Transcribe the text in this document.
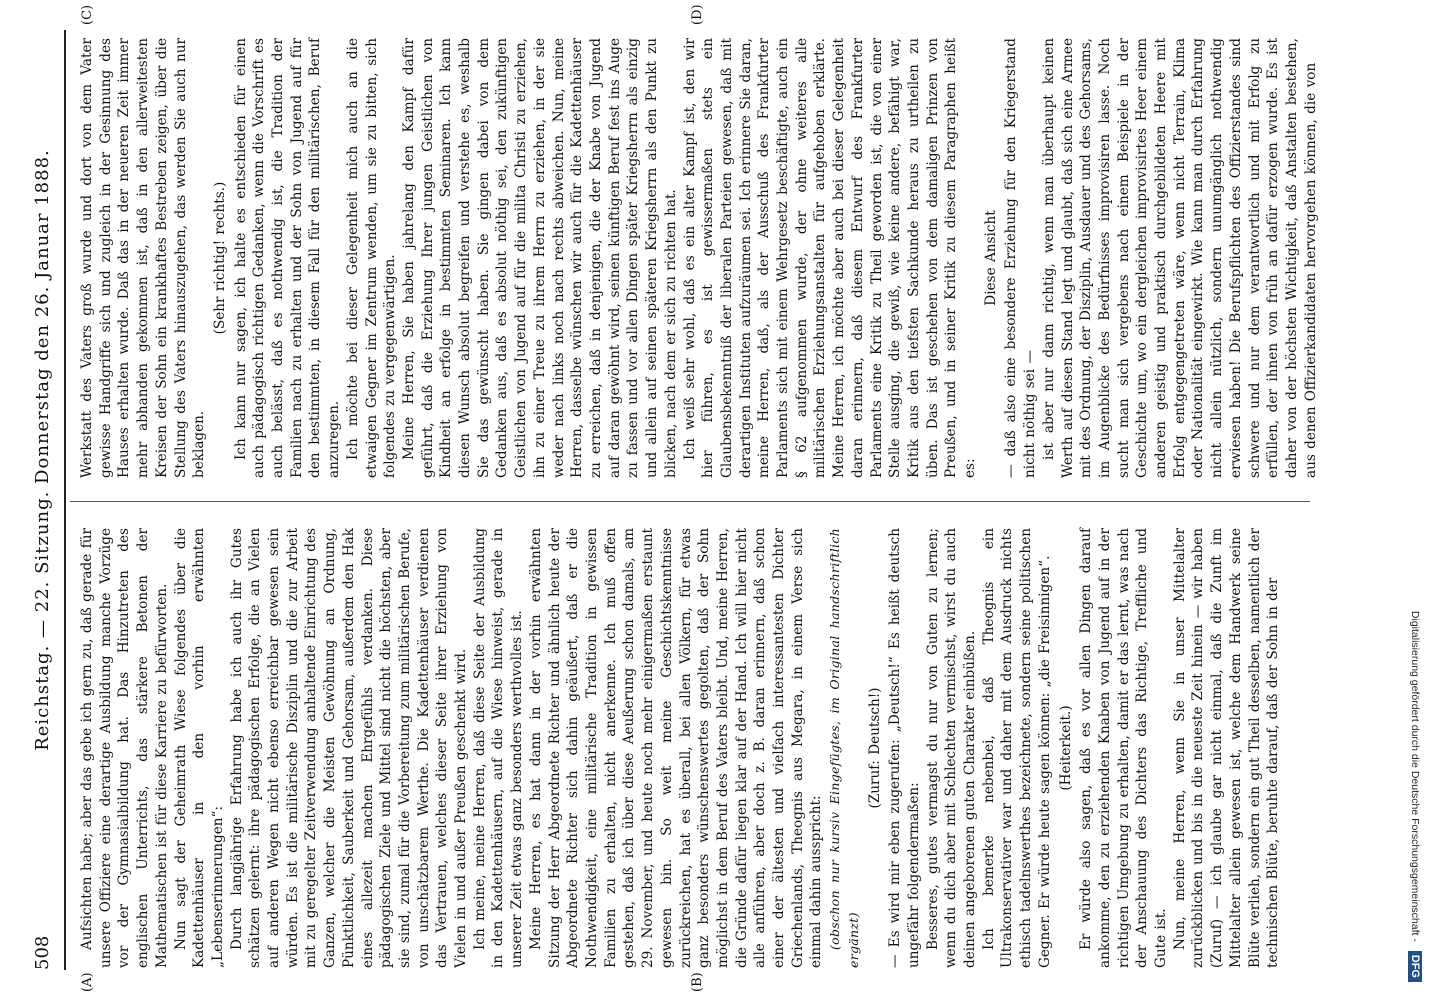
508
Reichstag. — 22. Sitzung. Donnerstag den 26. Januar 1888.
(A)	(B)
(C)	(D)

Aufsichten habe; aber das gebe ich gern zu, daß gerade für unsere Offiziere eine derartige Ausbildung manche Vorzüge vor der Gymnasialbildung hat. Das Hinzutreten des englischen Unterrichts, das stärkere Betonen der Mathematischen ist für diese Karriere zu befürworten. Nun sagt der Geheimrath Wiese folgendes über die Kadettenhäuser in den vorhin erwähnten „Lebenserinnerungen“: Durch langjährige Erfahrung habe ich auch ihr Gutes schätzen gelernt: ihre pädagogischen Erfolge, die an Vielen auf anderen Wegen nicht ebenso erreichbar gewesen sein würden. Es ist die militärische Disziplin und die zur Arbeit mit zu geregelter Zeitverwendung anhaltende Einrichtung des Ganzen, welcher die Meisten Gewöhnung an Ordnung, Pünktlichkeit, Sauberkeit und Gehorsam, außerdem den Hak eines allezeit machen Ehrgefühls verdanken. Diese pädagogischen Ziele und Mittel sind nicht die höchsten, aber sie sind, zumal für die Vorbereitung zum militärischen Berufe, von unschätzbarem Werthe. Die Kadettenhäuser verdienen das Vertrauen, welches dieser Seite ihrer Erziehung von Vielen in und außer Preußen geschenkt wird. Ich meine, meine Herren, daß diese Seite der Ausbildung in den Kadettenhäusern, auf die Wiese hinweist, gerade in unserer Zeit etwas ganz besonders werthvolles ist. Meine Herren, es hat dann in der vorhin erwähnten Sitzung der Herr Abgeordnete Richter und ähnlich heute der Abgeordnete Richter sich dahin geäußert, daß er die Nothwendigkeit, eine militärische Tradition in gewissen Familien zu erhalten, nicht anerkenne. Ich muß offen gestehen, daß ich über diese Aeußerung schon damals, am 29. November, und heute noch mehr einigermaßen erstaunt gewesen bin. So weit meine Geschichtskenntnisse zurückreichen, hat es überall, bei allen Völkern, für etwas ganz besonders wünschenswertes gegolten, daß der Sohn möglichst in dem Beruf des Vaters bleibt. Und, meine Herren, die Gründe dafür liegen klar auf der Hand. Ich will hier nicht alle anführen, aber doch z. B. daran erinnern, daß schon einer der ältesten und vielfach interessantesten Dichter Griechenlands, Theognis aus Megara, in einem Verse sich einmal dahin ausspricht: (obschon nur kursiv Eingefügtes, im Original handschriftlich ergänzt)

(Zuruf: Deutsch!) — Es wird mir eben zugerufen: „Deutsch!“ Es heißt deutsch ungefähr folgendermaßen: Besseres, gutes vermagst du nur von Guten zu lernen; wenn du dich aber mit Schlechten vermischst, wirst du auch deinen angeborenen guten Charakter einbüßen. Ich bemerke nebenbei, daß Theognis ein Ultrakonservativer war und daher mit dem Ausdruck nichts ethisch tadelnswerthes bezeichnete, sondern seine politischen Gegner. Er würde heute sagen können: „die Freisinnigen“. (Heiterkeit.) Er würde also sagen, daß es vor allen Dingen darauf ankomme, den zu erziehenden Knaben von Jugend auf in der richtigen Umgebung zu erhalten, damit er das lernt, was nach der Anschauung des Dichters das Richtige, Treffliche und Gute ist. Nun, meine Herren, wenn Sie in unser Mittelalter zurückblicken und bis in die neueste Zeit hinein — wir haben (Zuruf) — ich glaube gar nicht einmal, daß die Zunft im Mittelalter allein gewesen ist, welche dem Handwerk seine Blüte verlieh, sondern ein gut Theil desselben, namentlich der technischen Blüte, beruhte darauf, daß der Sohn in der

Werkstatt des Vaters groß wurde und dort von dem Vater gewisse Handgriffe sich und zugleich in der Gesinnung des Hauses erhalten wurde. Daß das in der neueren Zeit immer mehr abhanden gekommen ist, daß in den allerweitesten Kreisen der Sohn ein krankhaftes Bestreben zeigen, über die Stellung des Vaters hinauszugehen, das werden Sie auch nur beklagen.

(Sehr richtig! rechts.) Ich kann nur sagen, ich halte es entschieden für einen auch pädagogisch richtigen Gedanken, wenn die Vorschrift es auch belässt, daß es nothwendig ist, die Tradition der Familien nach zu erhalten und der Sohn von Jugend auf für den bestimmten, in diesem Fall für den militärischen, Beruf anzuregen. Ich möchte bei dieser Gelegenheit mich auch an die etwaigen Gegner im Zentrum wenden, um sie zu bitten, sich folgendes zu vergegenwärtigen. Meine Herren, Sie haben jahrelang den Kampf dafür geführt, daß die Erziehung Ihrer jungen Geistlichen von Kindheit an erfolge in bestimmten Seminaren. Ich kann diesen Wunsch absolut begreifen und verstehe es, weshalb Sie das gewünscht haben. Sie gingen dabei von dem Gedanken aus, daß es absolut nöthig sei, den zukünftigen Geistlichen von Jugend auf für die milita Christi zu erziehen, ihn zu einer Treue zu ihrem Herrn zu erziehen, in der sie weder nach links noch nach rechts abweichen. Nun, meine Herren, dasselbe wünschen wir auch für die Kadettenhäuser zu erreichen, daß in denjenigen, die der Knabe von Jugend auf daran gewöhnt wird, seinen künftigen Beruf fest ins Auge zu fassen und vor allen Dingen später Kriegsherrn als einzig und allein auf seinen späteren Kriegsherrn als den Punkt zu blicken, nach dem er sich zu richten hat. Ich weiß sehr wohl, daß es ein alter Kampf ist, den wir hier führen, es ist gewissermaßen stets ein Glaubensbekenntniß der liberalen Parteien gewesen, daß mit derartigen Instituten aufzuräumen sei. Ich erinnere Sie daran, meine Herren, daß, als der Ausschuß des Frankfurter Parlaments sich mit einem Wehrgesetz beschäftigte, auch ein § 62 aufgenommen wurde, der ohne weiteres alle militärischen Erziehungsanstalten für aufgehoben erklärte. Meine Herren, ich möchte aber auch bei dieser Gelegenheit daran erinnern, daß diesem Entwurf des Frankfurter Parlaments eine Kritik zu Theil geworden ist, die von einer Stelle ausging, die gewiß, wie keine andere, befähigt war, Kritik aus den tiefsten Sachkunde heraus zu urtheilen zu üben. Das ist geschehen von dem damaligen Prinzen von Preußen, und in seiner Kritik zu diesem Paragraphen heißt es:

Diese Ansicht — daß also eine besondere Erziehung für den Kriegerstand nicht nöthig sei — ist aber nur dann richtig, wenn man überhaupt keinen Werth auf diesen Stand legt und glaubt, daß sich eine Armee mit des Ordnung, der Disziplin, Ausdauer und des Gehorsams, im Augenblicke des Bedürfnisses improvisiren lasse. Noch sucht man sich vergebens nach einem Beispiele in der Geschichte um, wo ein dergleichen improvisirtes Heer einem anderen geistig und praktisch durchgebildeten Heere mit Erfolg entgegengetreten wäre, wenn nicht Terrain, Klima oder Nationalität eingewirkt. Wie kann man durch Erfahrung nicht allein nützlich, sondern unumgänglich nothwendig erwiesen haben! Die Berufspflichten des Offizierstandes sind schwere und nur dem verantwortlich und mit Erfolg zu erfüllen, der ihnen von früh an dafür erzogen wurde. Es ist daher von der höchsten Wichtigkeit, daß Anstalten bestehen, aus denen Offizierkandidaten hervorgehen können, die von

Digitalisierung gefördert durch die Deutsche Forschungsgemeinschaft - DFG
